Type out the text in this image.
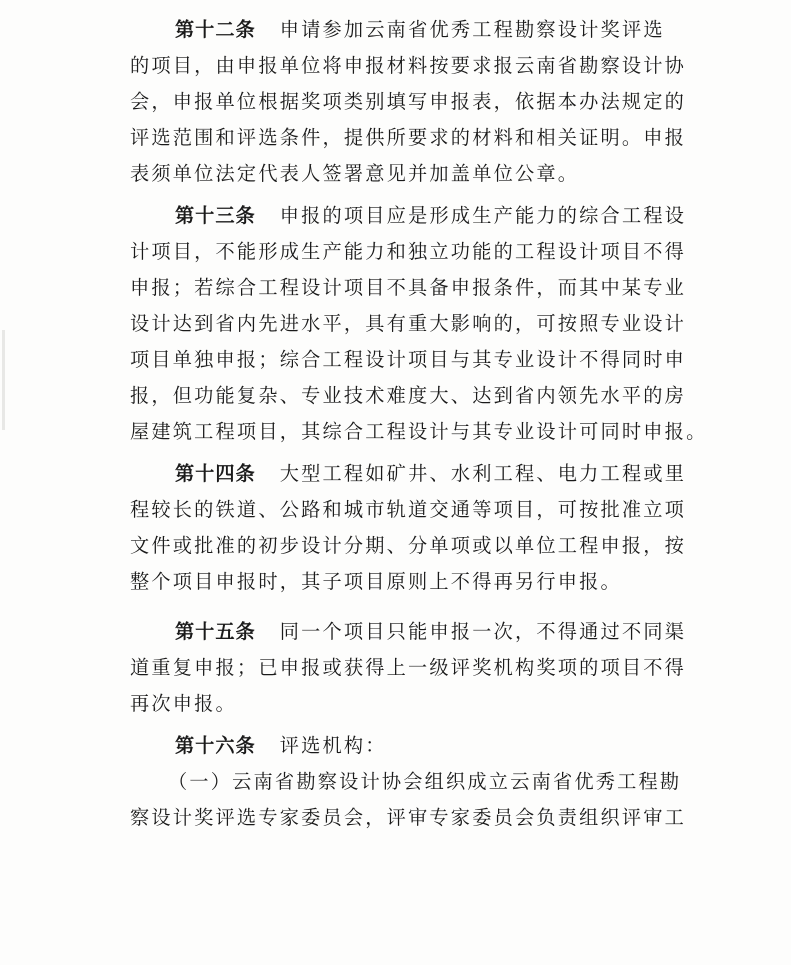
第十二条 申请参加云南省优秀工程勘察设计奖评选
的项目，由申报单位将申报材料按要求报云南省勘察设计协
会，申报单位根据奖项类别填写申报表，依据本办法规定的
评选范围和评选条件，提供所要求的材料和相关证明。申报
表须单位法定代表人签署意见并加盖单位公章。
第十三条 申报的项目应是形成生产能力的综合工程设
计项目，不能形成生产能力和独立功能的工程设计项目不得
申报；若综合工程设计项目不具备申报条件，而其中某专业
设计达到省内先进水平，具有重大影响的，可按照专业设计
项目单独申报；综合工程设计项目与其专业设计不得同时申
报，但功能复杂、专业技术难度大、达到省内领先水平的房
屋建筑工程项目，其综合工程设计与其专业设计可同时申报。
第十四条 大型工程如矿井、水利工程、电力工程或里
程较长的铁道、公路和城市轨道交通等项目，可按批准立项
文件或批准的初步设计分期、分单项或以单位工程申报，按
整个项目申报时，其子项目原则上不得再另行申报。
第十五条 同一个项目只能申报一次，不得通过不同渠
道重复申报；已申报或获得上一级评奖机构奖项的项目不得
再次申报。
第十六条 评选机构：
（一）云南省勘察设计协会组织成立云南省优秀工程勘
察设计奖评选专家委员会，评审专家委员会负责组织评审工
